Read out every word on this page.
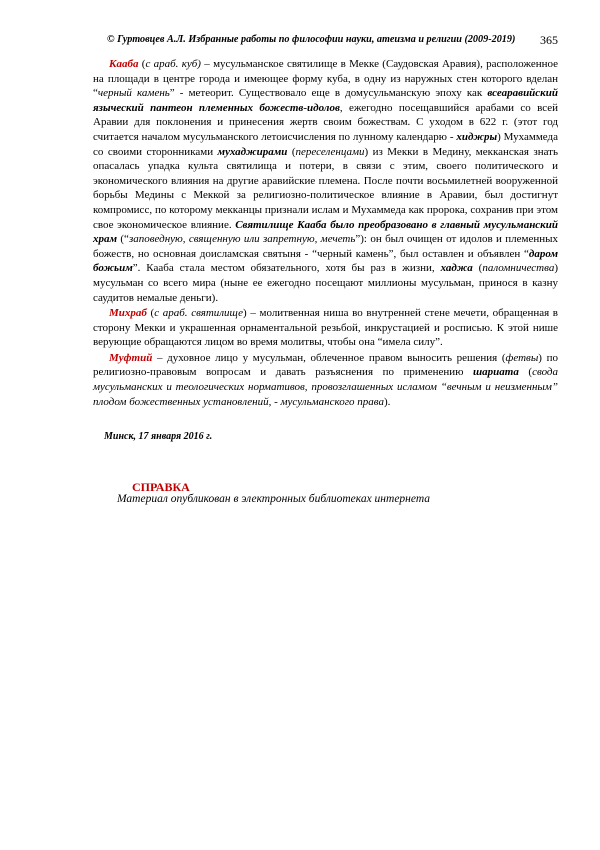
© Гуртовцев А.Л. Избранные работы по философии науки, атеизма и религии (2009-2019)	365

Кааба (с араб. куб) – мусульманское святилище в Мекке (Саудовская Аравия), расположенное на площади в центре города и имеющее форму куба, в одну из наружных стен которого вделан “черный камень” - метеорит. Существовало еще в домусульманскую эпоху как всеаравийский языческий пантеон племенных божеств-идолов, ежегодно посещавшийся арабами со всей Аравии для поклонения и принесения жертв своим божествам. С уходом в 622 г. (этот год считается началом мусульманского летоисчисления по лунному календарю - хиджры) Мухаммеда со своими сторонниками мухаджирами (переселенцами) из Мекки в Медину, мекканская знать опасалась упадка культа святилища и потери, в связи с этим, своего политического и экономического влияния на другие аравийские племена. После почти восьмилетней вооруженной борьбы Медины с Меккой за религиозно-политическое влияние в Аравии, был достигнут компромисс, по которому мекканцы признали ислам и Мухаммеда как пророка, сохранив при этом свое экономическое влияние. Святилище Кааба было преобразовано в главный мусульманский храм (“заповедную, священную или запретную, мечеть”): он был очищен от идолов и племенных божеств, но основная доисламская святыня - “черный камень”, был оставлен и объявлен “даром божьим”. Кааба стала местом обязательного, хотя бы раз в жизни, хаджа (паломничества) мусульман со всего мира (ныне ее ежегодно посещают миллионы мусульман, принося в казну саудитов немалые деньги).

Михраб (с араб. святилище) – молитвенная ниша во внутренней стене мечети, обращенная в сторону Мекки и украшенная орнаментальной резьбой, инкрустацией и росписью. К этой нише верующие обращаются лицом во время молитвы, чтобы она “имела силу”.

Муфтий – духовное лицо у мусульман, облеченное правом выносить решения (фетвы) по религиозно-правовым вопросам и давать разъяснения по применению шариата (свода мусульманских и теологических нормативов, провозглашенных исламом “вечным и неизменным” плодом божественных установлений, - мусульманского права).

Минск, 17 января 2016 г.
СПРАВКА
Материал опубликован в электронных библиотеках интернета
